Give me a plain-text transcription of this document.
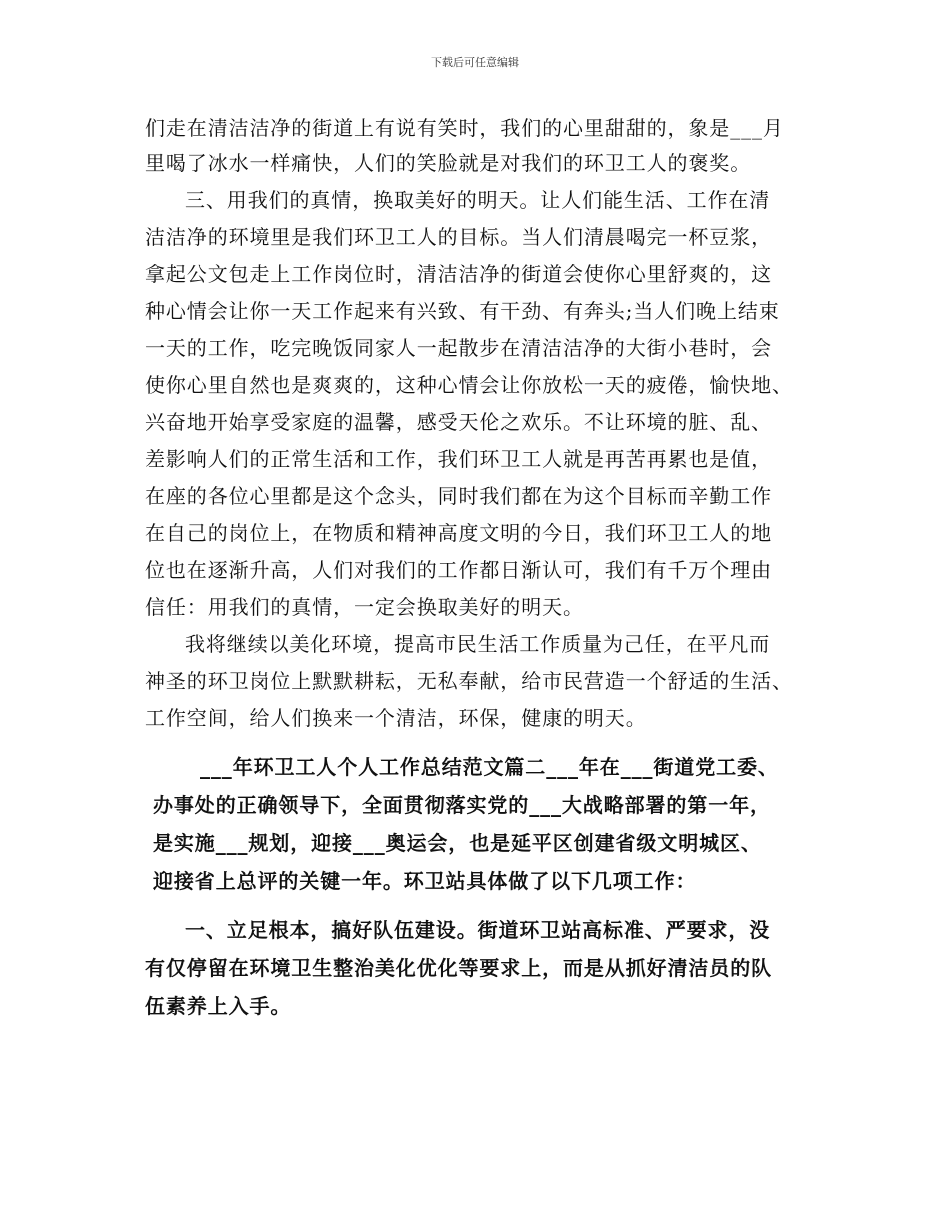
下载后可任意编辑
们走在清洁洁净的街道上有说有笑时，我们的心里甜甜的，象是___月
里喝了冰水一样痛快，人们的笑脸就是对我们的环卫工人的褒奖。
三、用我们的真情，换取美好的明天。让人们能生活、工作在清
洁洁净的环境里是我们环卫工人的目标。当人们清晨喝完一杯豆浆，
拿起公文包走上工作岗位时，清洁洁净的街道会使你心里舒爽的，这
种心情会让你一天工作起来有兴致、有干劲、有奔头;当人们晚上结束
一天的工作，吃完晚饭同家人一起散步在清洁洁净的大街小巷时，会
使你心里自然也是爽爽的，这种心情会让你放松一天的疲倦，愉快地、
兴奋地开始享受家庭的温馨，感受天伦之欢乐。不让环境的脏、乱、
差影响人们的正常生活和工作，我们环卫工人就是再苦再累也是值，
在座的各位心里都是这个念头，同时我们都在为这个目标而辛勤工作
在自己的岗位上，在物质和精神高度文明的今日，我们环卫工人的地
位也在逐渐升高，人们对我们的工作都日渐认可，我们有千万个理由
信任：用我们的真情，一定会换取美好的明天。
我将继续以美化环境，提高市民生活工作质量为己任，在平凡而
神圣的环卫岗位上默默耕耘，无私奉献，给市民营造一个舒适的生活、
工作空间，给人们换来一个清洁，环保，健康的明天。
___年环卫工人个人工作总结范文篇二___年在___街道党工委、
办事处的正确领导下，全面贯彻落实党的___大战略部署的第一年，
是实施___规划，迎接___奥运会，也是延平区创建省级文明城区、
迎接省上总评的关键一年。环卫站具体做了以下几项工作：
一、立足根本，搞好队伍建设。街道环卫站高标准、严要求，没
有仅停留在环境卫生整治美化优化等要求上，而是从抓好清洁员的队
伍素养上入手。
